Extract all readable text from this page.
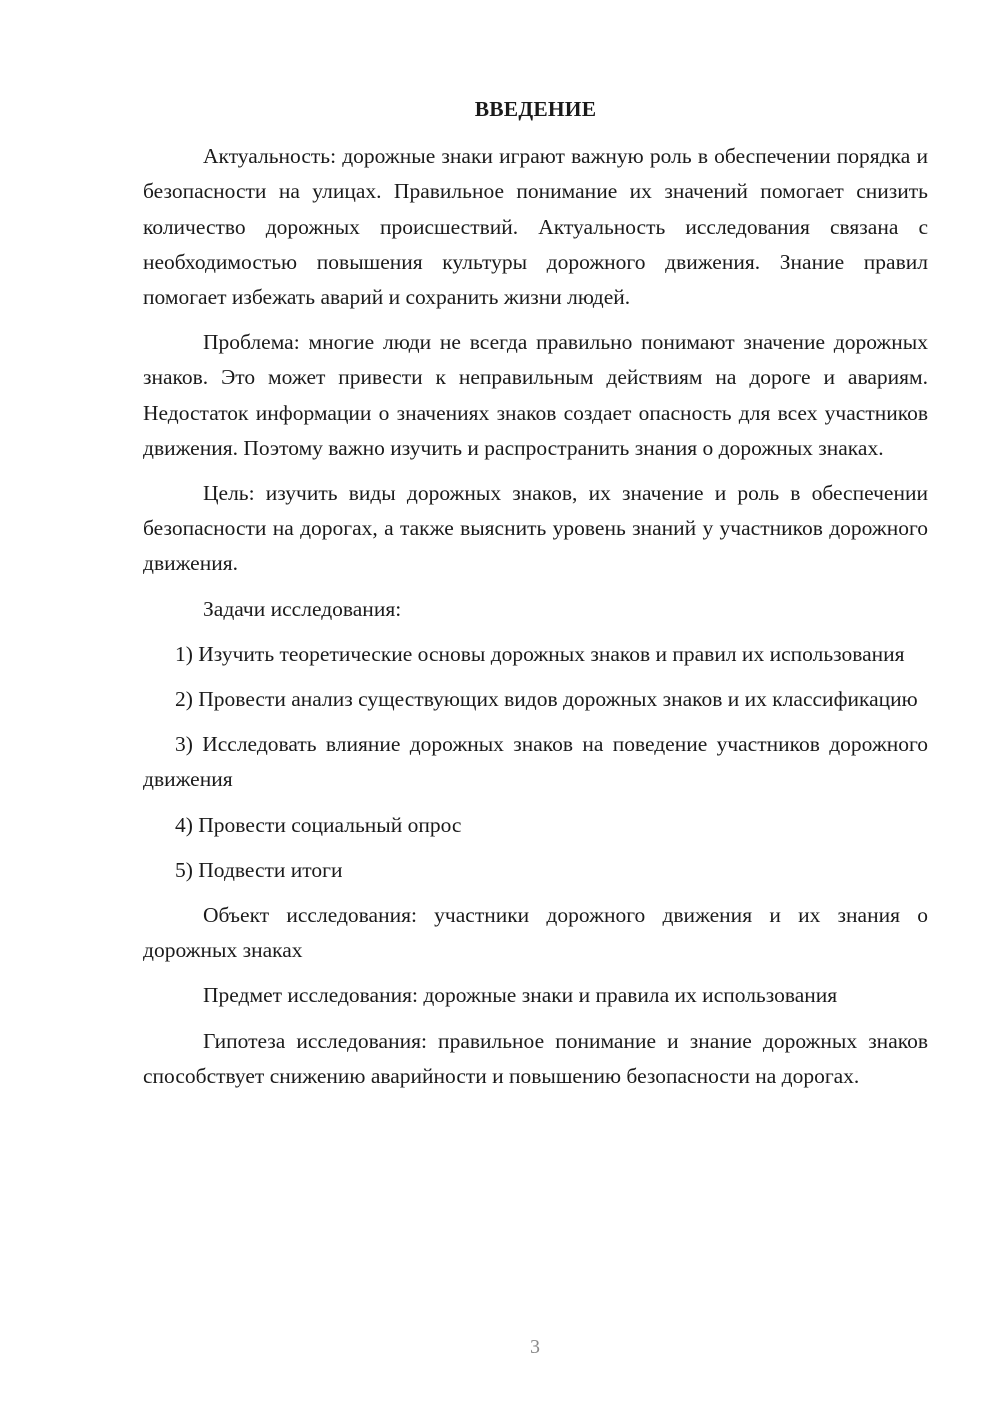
ВВЕДЕНИЕ

Актуальность: дорожные знаки играют важную роль в обеспечении порядка и безопасности на улицах. Правильное понимание их значений помогает снизить количество дорожных происшествий. Актуальность исследования связана с необходимостью повышения культуры дорожного движения. Знание правил помогает избежать аварий и сохранить жизни людей.

Проблема: многие люди не всегда правильно понимают значение дорожных знаков. Это может привести к неправильным действиям на дороге и авариям. Недостаток информации о значениях знаков создает опасность для всех участников движения. Поэтому важно изучить и распространить знания о дорожных знаках.

Цель: изучить виды дорожных знаков, их значение и роль в обеспечении безопасности на дорогах, а также выяснить уровень знаний у участников дорожного движения.

Задачи исследования:

1) Изучить теоретические основы дорожных знаков и правил их использования

2) Провести анализ существующих видов дорожных знаков и их классификацию

3) Исследовать влияние дорожных знаков на поведение участников дорожного движения

4) Провести социальный опрос

5) Подвести итоги

Объект исследования: участники дорожного движения и их знания о дорожных знаках

Предмет исследования: дорожные знаки и правила их использования

Гипотеза исследования: правильное понимание и знание дорожных знаков способствует снижению аварийности и повышению безопасности на дорогах.

3
